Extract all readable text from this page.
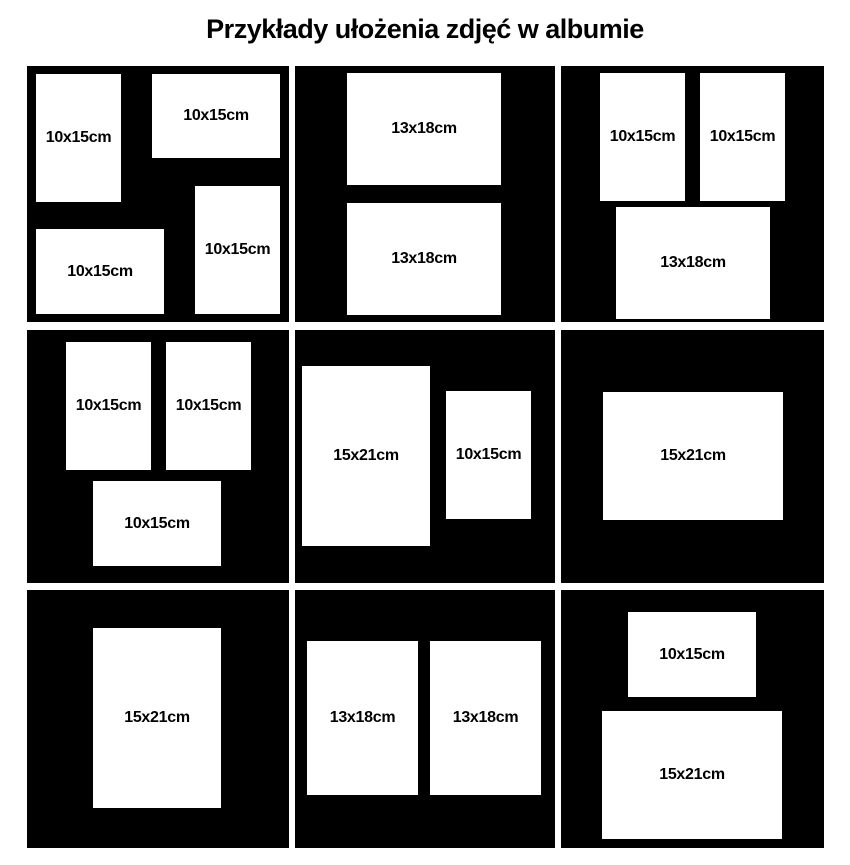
Przykłady ułożenia zdjęć w albumie
10x15cm
10x15cm
10x15cm
10x15cm
13x18cm
13x18cm
10x15cm 10x15cm
13x18cm
10x15cm 10x15cm
10x15cm
15x21cm	10x15cm	15x21cm
15x21cm	13x18cm	13x18cm
10x15cm
15x21cm
